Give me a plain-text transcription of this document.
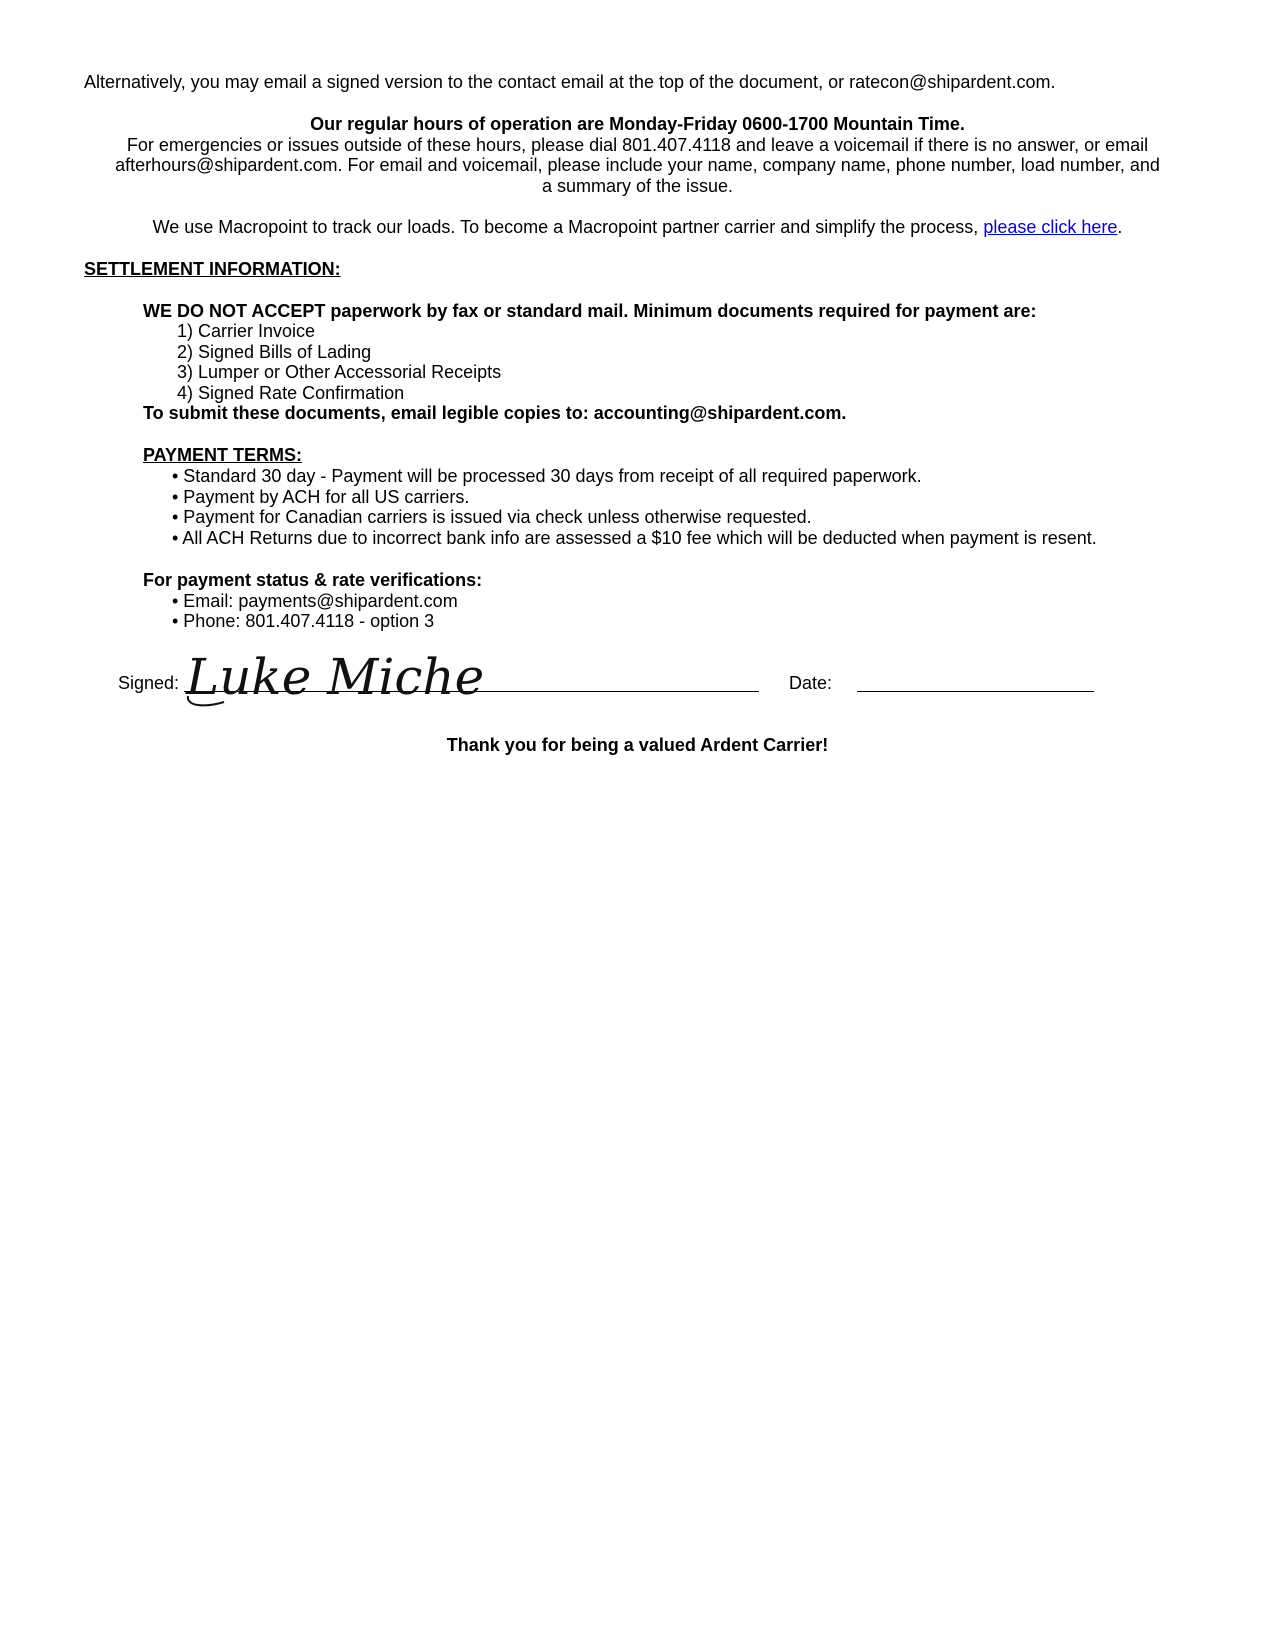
Alternatively, you may email a signed version to the contact email at the top of the document, or ratecon@shipardent.com.
Our regular hours of operation are Monday-Friday 0600-1700 Mountain Time.
For emergencies or issues outside of these hours, please dial 801.407.4118 and leave a voicemail if there is no answer, or email
afterhours@shipardent.com. For email and voicemail, please include your name, company name, phone number, load number, and
a summary of the issue.
We use Macropoint to track our loads. To become a Macropoint partner carrier and simplify the process, please click here.
SETTLEMENT INFORMATION:
WE DO NOT ACCEPT paperwork by fax or standard mail. Minimum documents required for payment are:
1) Carrier Invoice
2) Signed Bills of Lading
3) Lumper or Other Accessorial Receipts
4) Signed Rate Confirmation
To submit these documents, email legible copies to: accounting@shipardent.com.
PAYMENT TERMS:
• Standard 30 day - Payment will be processed 30 days from receipt of all required paperwork.
• Payment by ACH for all US carriers.
• Payment for Canadian carriers is issued via check unless otherwise requested.
• All ACH Returns due to incorrect bank info are assessed a $10 fee which will be deducted when payment is resent.
For payment status & rate verifications:
• Email: payments@shipardent.com
• Phone: 801.407.4118 - option 3
Signed: Luke Miche	Date:
Thank you for being a valued Ardent Carrier!
